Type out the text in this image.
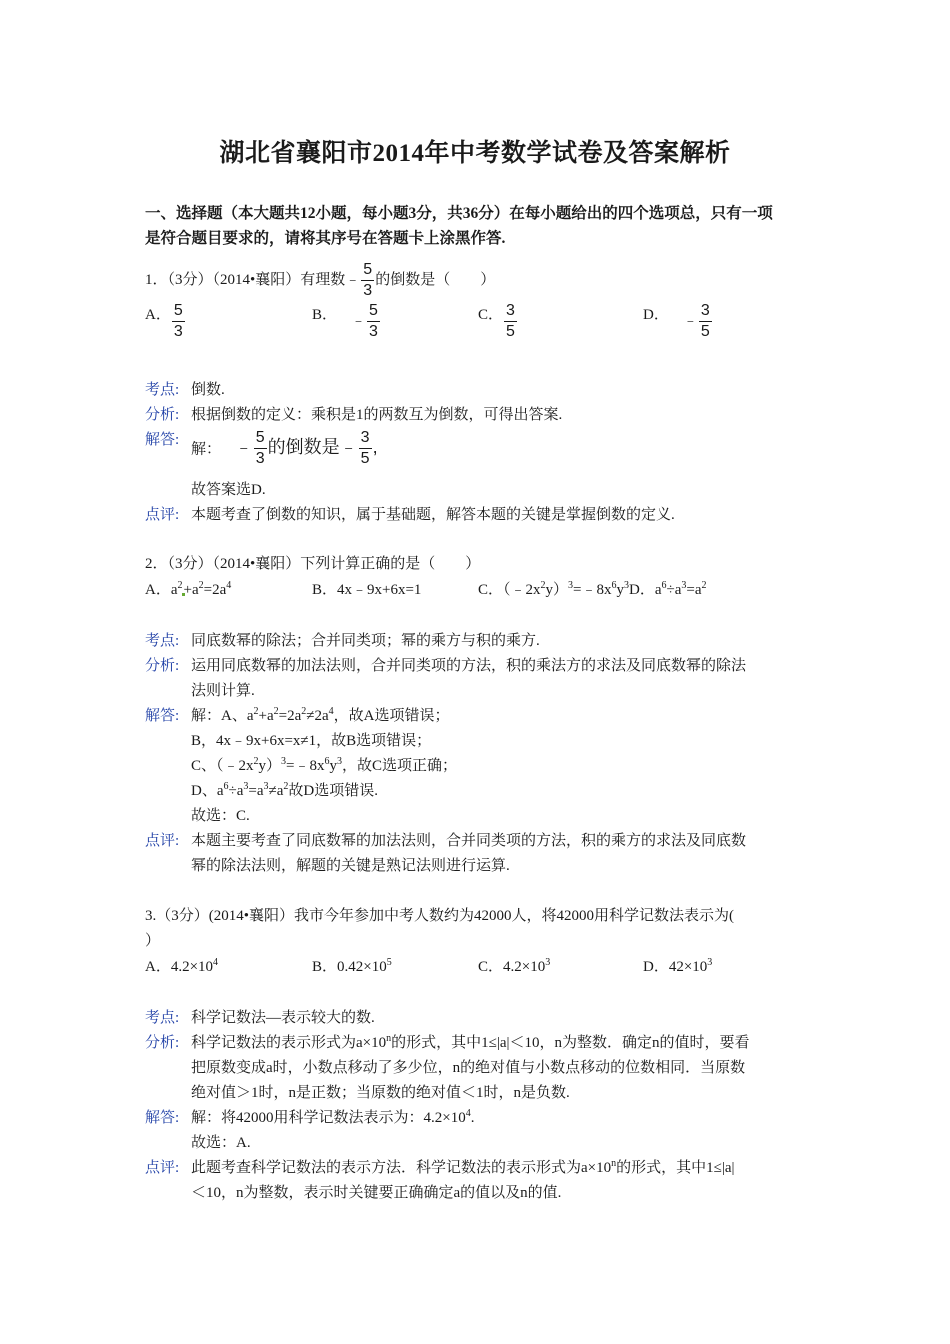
湖北省襄阳市2014年中考数学试卷及答案解析
一、选择题（本大题共12小题，每小题3分，共36分）在每小题给出的四个选项总，只有一项
是符合题目要求的，请将其序号在答题卡上涂黑作答.
1．（3分）（2014•襄阳）有理数﹣ $\frac{5}{3}$ 的倒数是（　　）
A． $\frac{5}{3}$	B． ﹣ $\frac{5}{3}$	C． $\frac{3}{5}$	D． ﹣ $\frac{3}{5}$
考点: 倒数.
分析: 根据倒数的定义：乘积是1的两数互为倒数，可得出答案.
解答:
解： ﹣ $\frac{5}{3}$ 的倒数是﹣ $\frac{3}{5}$ ,
故答案选D.
点评: 本题考查了倒数的知识，属于基础题，解答本题的关键是掌握倒数的定义.
2．（3分）（2014•襄阳）下列计算正确的是（　　）
A．$a^2+a^2=2a^4$	B．4x﹣9x+6x=1	C．$(﹣2x^2y)^3=﹣8x^6y^3D$．$a^6\div a^3=a^2$
考点: 同底数幂的除法；合并同类项；幂的乘方与积的乘方.
分析: 运用同底数幂的加法法则，合并同类项的方法，积的乘法方的求法及同底数幂的除法
法则计算.
解答: 解：A、$a^2+a^2=2a^2\ne 2a^4$，故A选项错误；
B，4x﹣9x+6x=x≠1，故B选项错误；
C、$(﹣2x^2y)^3=﹣8x^6y^3$，故C选项正确；
D、$a^6\div a^3=a^3\ne a^2$故D选项错误.
故选：C.
点评: 本题主要考查了同底数幂的加法法则，合并同类项的方法，积的乘方的求法及同底数
幂的除法法则，解题的关键是熟记法则进行运算.
3.（3分）(2014•襄阳）我市今年参加中考人数约为42000人，将42000用科学记数法表示为(
）
A．$4.2\times 10^4$	B．$0.42\times 10^5$	C．$4.2\times 10^3$	D．$42\times 10^3$
考点: 科学记数法—表示较大的数.
分析: 科学记数法的表示形式为$a\times 10^n$的形式，其中1≤|a|＜10，n为整数．确定n的值时，要看
把原数变成a时，小数点移动了多少位，n的绝对值与小数点移动的位数相同．当原数
绝对值＞1时，n是正数；当原数的绝对值＜1时，n是负数.
解答: 解：将42000用科学记数法表示为：$4.2\times 10^4$.
故选：A.
点评: 此题考查科学记数法的表示方法．科学记数法的表示形式为$a\times 10^n$的形式，其中1≤|a|
＜10，n为整数，表示时关键要正确确定a的值以及n的值.
